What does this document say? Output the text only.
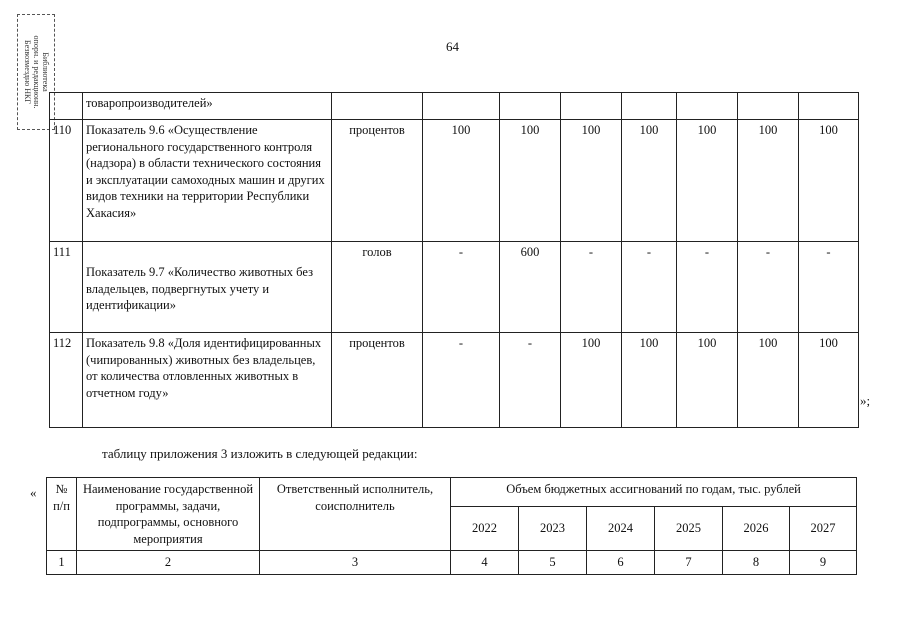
64
Библиотека
опорн. и редакционн.
Безвозмездно НКГ
		товаропроизводителей»								
110	Показатель 9.6 «Осуществление регионального государственного контроля (надзора) в области технического состояния и эксплуатации самоходных машин и других видов техники на территории Республики Хакасия»	процентов	100	100	100	100	100	100	100
111	Показатель 9.7 «Количество животных без владельцев, подвергнутых учету и идентификации»	голов	-	600	-	-	-	-	-
112	Показатель 9.8 «Доля идентифицированных (чипированных) животных без владельцев, от количества отловленных животных в отчетном году»	процентов	-	-	100	100	100	100	100
»;
таблицу приложения 3 изложить в следующей редакции:
« № п/п	Наименование государственной программы, задачи, подпрограммы, основного мероприятия	Ответственный исполнитель, соисполнитель	Объем бюджетных ассигнований по годам, тыс. рублей					
			2022	2023	2024	2025	2026	2027
1	2	3	4	5	6	7	8	9
